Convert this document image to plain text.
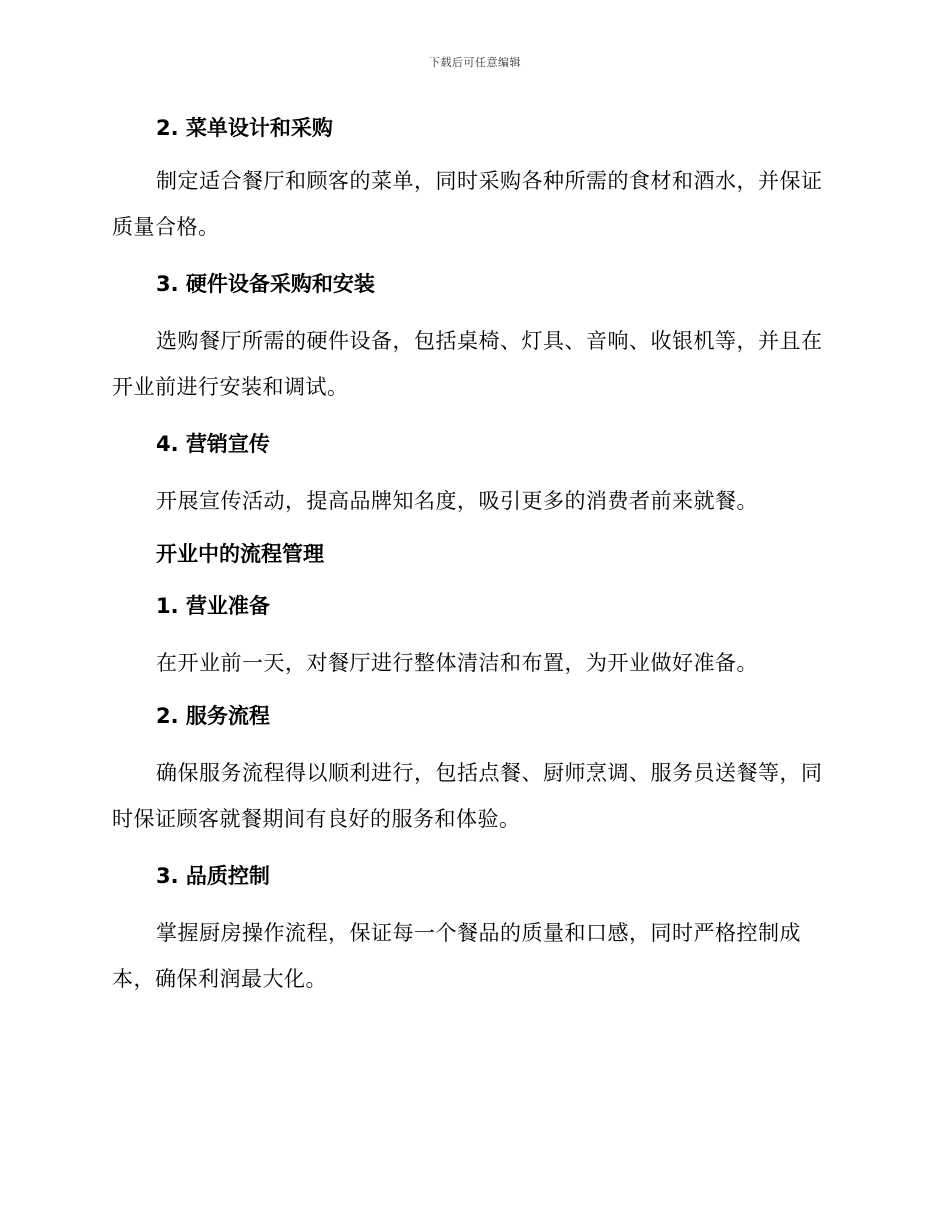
下载后可任意编辑
2. 菜单设计和采购

制定适合餐厅和顾客的菜单，同时采购各种所需的食材和酒水，并保证质量合格。

3. 硬件设备采购和安装

选购餐厅所需的硬件设备，包括桌椅、灯具、音响、收银机等，并且在开业前进行安装和调试。

4. 营销宣传

开展宣传活动，提高品牌知名度，吸引更多的消费者前来就餐。

开业中的流程管理
1. 营业准备

在开业前一天，对餐厅进行整体清洁和布置，为开业做好准备。

2. 服务流程

确保服务流程得以顺利进行，包括点餐、厨师烹调、服务员送餐等，同时保证顾客就餐期间有良好的服务和体验。

3. 品质控制

掌握厨房操作流程，保证每一个餐品的质量和口感，同时严格控制成本，确保利润最大化。
